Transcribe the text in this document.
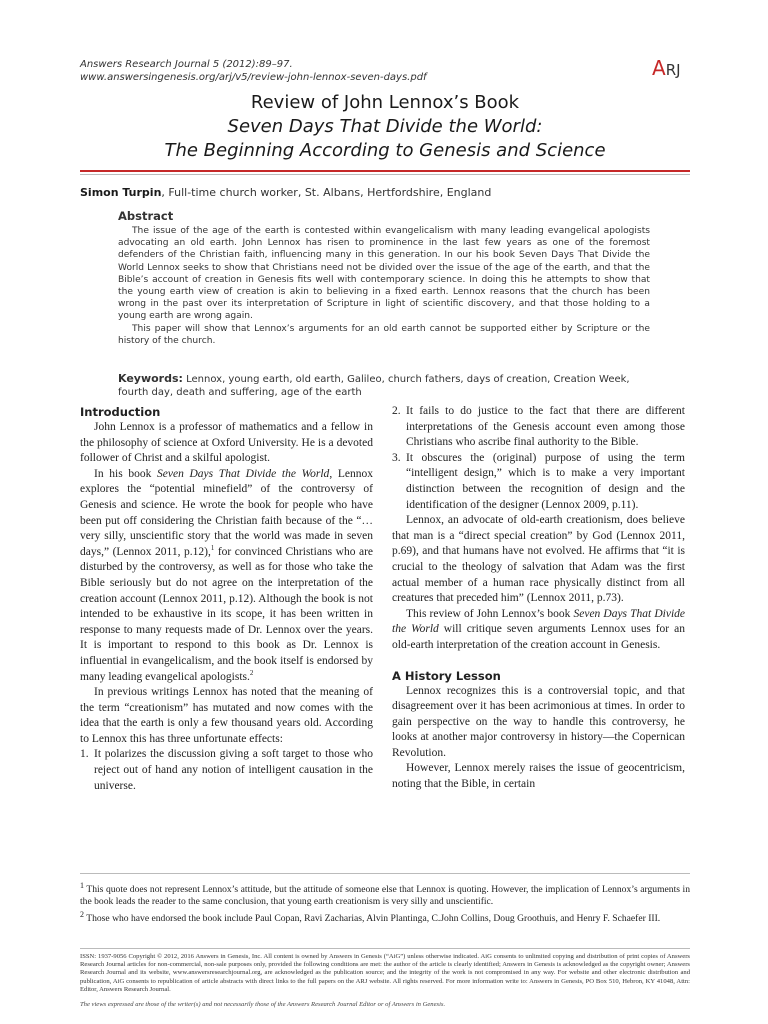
Answers Research Journal 5 (2012):89–97.
www.answersingenesis.org/arj/v5/review-john-lennox-seven-days.pdf	ARJ
Review of John Lennox’s Book
Seven Days That Divide the World:
The Beginning According to Genesis and Science
Simon Turpin, Full-time church worker, St. Albans, Hertfordshire, England
Abstract

The issue of the age of the earth is contested within evangelicalism with many leading evangelical apologists advocating an old earth. John Lennox has risen to prominence in the last few years as one of the foremost defenders of the Christian faith, influencing many in this generation. In our his book Seven Days That Divide the World Lennox seeks to show that Christians need not be divided over the issue of the age of the earth, and that the Bible’s account of creation in Genesis fits well with contemporary science. In doing this he attempts to show that the young earth view of creation is akin to believing in a fixed earth. Lennox reasons that the church has been wrong in the past over its interpretation of Scripture in light of scientific discovery, and that those holding to a young earth are wrong again.

This paper will show that Lennox’s arguments for an old earth cannot be supported either by Scripture or the history of the church.

Keywords: Lennox, young earth, old earth, Galileo, church fathers, days of creation, Creation Week, fourth day, death and suffering, age of the earth
Introduction

John Lennox is a professor of mathematics and a fellow in the philosophy of science at Oxford University. He is a devoted follower of Christ and a skilful apologist.

In his book Seven Days That Divide the World, Lennox explores the “potential minefield” of the controversy of Genesis and science. He wrote the book for people who have been put off considering the Christian faith because of the “…very silly, unscientific story that the world was made in seven days,” (Lennox 2011, p.12),$^1$ for convinced Christians who are disturbed by the controversy, as well as for those who take the Bible seriously but do not agree on the interpretation of the creation account (Lennox 2011, p.12). Although the book is not intended to be exhaustive in its scope, it has been written in response to many requests made of Dr. Lennox over the years. It is important to respond to this book as Dr. Lennox is influential in evangelicalism, and the book itself is endorsed by many leading evangelical apologists.$^2$

In previous writings Lennox has noted that the meaning of the term “creationism” has mutated and now comes with the idea that the earth is only a few thousand years old. According to Lennox this has three unfortunate effects:

1. It polarizes the discussion giving a soft target to those who reject out of hand any notion of intelligent causation in the universe.
2. It fails to do justice to the fact that there are different interpretations of the Genesis account even among those Christians who ascribe final authority to the Bible.
3. It obscures the (original) purpose of using the term “intelligent design,” which is to make a very important distinction between the recognition of design and the identification of the designer (Lennox 2009, p.11).

Lennox, an advocate of old-earth creationism, does believe that man is a “direct special creation” by God (Lennox 2011, p.69), and that humans have not evolved. He affirms that “it is crucial to the theology of salvation that Adam was the first actual member of a human race physically distinct from all creatures that preceded him” (Lennox 2011, p.73).

This review of John Lennox’s book Seven Days That Divide the World will critique seven arguments Lennox uses for an old-earth interpretation of the creation account in Genesis.

A History Lesson

Lennox recognizes this is a controversial topic, and that disagreement over it has been acrimonious at times. In order to gain perspective on the way to handle this controversy, he looks at another major controversy in history—the Copernican Revolution.

However, Lennox merely raises the issue of geocentricism, noting that the Bible, in certain

$^1$ This quote does not represent Lennox’s attitude, but the attitude of someone else that Lennox is quoting. However, the implication of Lennox’s arguments in the book leads the reader to the same conclusion, that young earth creationism is very silly and unscientific.

$^2$ Those who have endorsed the book include Paul Copan, Ravi Zacharias, Alvin Plantinga, C.John Collins, Doug Groothuis, and Henry F. Schaefer III.

ISSN: 1937-9056 Copyright © 2012, 2016 Answers in Genesis, Inc. All content is owned by Answers in Genesis (“AiG”) unless otherwise indicated. AiG consents to unlimited copying and distribution of print copies of Answers Research Journal articles for non-commercial, non-sale purposes only, provided the following conditions are met: the author of the article is clearly identified; Answers in Genesis is acknowledged as the copyright owner; Answers Research Journal and its website, www.answersresearchjournal.org, are acknowledged as the publication source; and the integrity of the work is not compromised in any way. For website and other electronic distribution and publication, AiG consents to republication of article abstracts with direct links to the full papers on the ARJ website. All rights reserved. For more information write to: Answers in Genesis, PO Box 510, Hebron, KY 41048, Attn: Editor, Answers Research Journal.
The views expressed are those of the writer(s) and not necessarily those of the Answers Research Journal Editor or of Answers in Genesis.
